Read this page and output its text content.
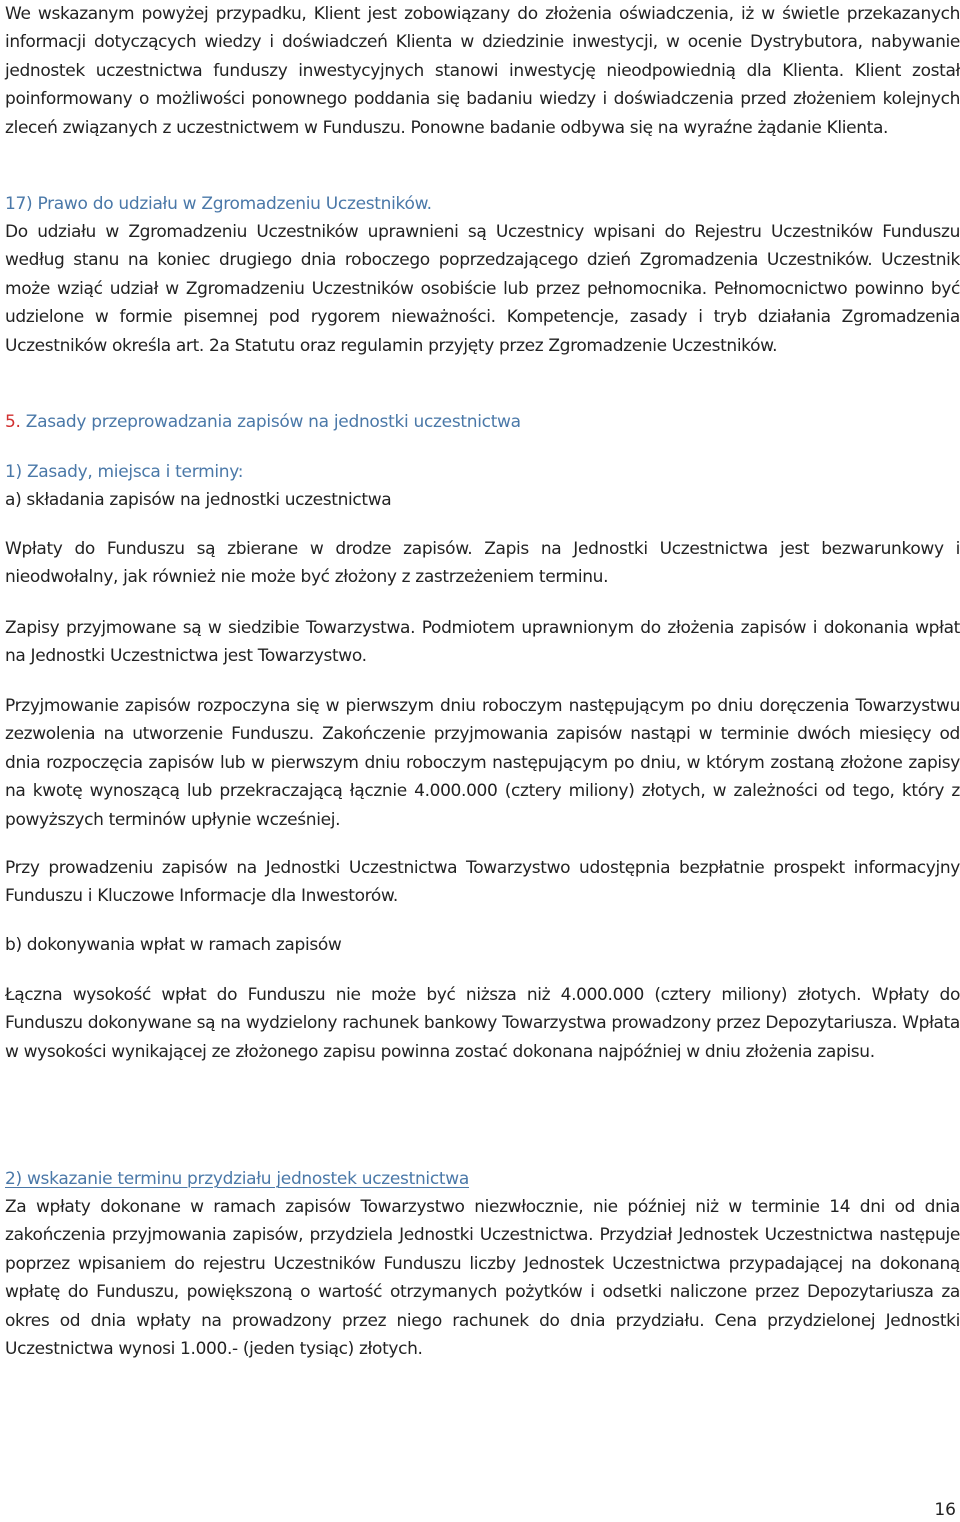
We wskazanym powyżej przypadku, Klient jest zobowiązany do złożenia oświadczenia, iż w świetle przekazanych informacji dotyczących wiedzy i doświadczeń Klienta w dziedzinie inwestycji, w ocenie Dystrybutora, nabywanie jednostek uczestnictwa funduszy inwestycyjnych stanowi inwestycję nieodpowiednią dla Klienta. Klient został poinformowany o możliwości ponownego poddania się badaniu wiedzy i doświadczenia przed złożeniem kolejnych zleceń związanych z uczestnictwem w Funduszu. Ponowne badanie odbywa się na wyraźne żądanie Klienta.

17) Prawo do udziału w Zgromadzeniu Uczestników.

Do udziału w Zgromadzeniu Uczestników uprawnieni są Uczestnicy wpisani do Rejestru Uczestników Funduszu według stanu na koniec drugiego dnia roboczego poprzedzającego dzień Zgromadzenia Uczestników. Uczestnik może wziąć udział w Zgromadzeniu Uczestników osobiście lub przez pełnomocnika. Pełnomocnictwo powinno być udzielone w formie pisemnej pod rygorem nieważności. Kompetencje, zasady i tryb działania Zgromadzenia Uczestników określa art. 2a Statutu oraz regulamin przyjęty przez Zgromadzenie Uczestników.

5. Zasady przeprowadzania zapisów na jednostki uczestnictwa

1) Zasady, miejsca i terminy:

a) składania zapisów na jednostki uczestnictwa

Wpłaty do Funduszu są zbierane w drodze zapisów. Zapis na Jednostki Uczestnictwa jest bezwarunkowy i nieodwołalny, jak również nie może być złożony z zastrzeżeniem terminu.

Zapisy przyjmowane są w siedzibie Towarzystwa. Podmiotem uprawnionym do złożenia zapisów i dokonania wpłat na Jednostki Uczestnictwa jest Towarzystwo.

Przyjmowanie zapisów rozpoczyna się w pierwszym dniu roboczym następującym po dniu doręczenia Towarzystwu zezwolenia na utworzenie Funduszu. Zakończenie przyjmowania zapisów nastąpi w terminie dwóch miesięcy od dnia rozpoczęcia zapisów lub w pierwszym dniu roboczym następującym po dniu, w którym zostaną złożone zapisy na kwotę wynoszącą lub przekraczającą łącznie 4.000.000 (cztery miliony) złotych, w zależności od tego, który z powyższych terminów upłynie wcześniej.

Przy prowadzeniu zapisów na Jednostki Uczestnictwa Towarzystwo udostępnia bezpłatnie prospekt informacyjny Funduszu i Kluczowe Informacje dla Inwestorów.

b) dokonywania wpłat w ramach zapisów

Łączna wysokość wpłat do Funduszu nie może być niższa niż 4.000.000 (cztery miliony) złotych. Wpłaty do Funduszu dokonywane są na wydzielony rachunek bankowy Towarzystwa prowadzony przez Depozytariusza. Wpłata w wysokości wynikającej ze złożonego zapisu powinna zostać dokonana najpóźniej w dniu złożenia zapisu.

2) wskazanie terminu przydziału jednostek uczestnictwa

Za wpłaty dokonane w ramach zapisów Towarzystwo niezwłocznie, nie później niż w terminie 14 dni od dnia zakończenia przyjmowania zapisów, przydziela Jednostki Uczestnictwa. Przydział Jednostek Uczestnictwa następuje poprzez wpisaniem do rejestru Uczestników Funduszu liczby Jednostek Uczestnictwa przypadającej na dokonaną wpłatę do Funduszu, powiększoną o wartość otrzymanych pożytków i odsetki naliczone przez Depozytariusza za okres od dnia wpłaty na prowadzony przez niego rachunek do dnia przydziału. Cena przydzielonej Jednostki Uczestnictwa wynosi 1.000.- (jeden tysiąc) złotych.

16
